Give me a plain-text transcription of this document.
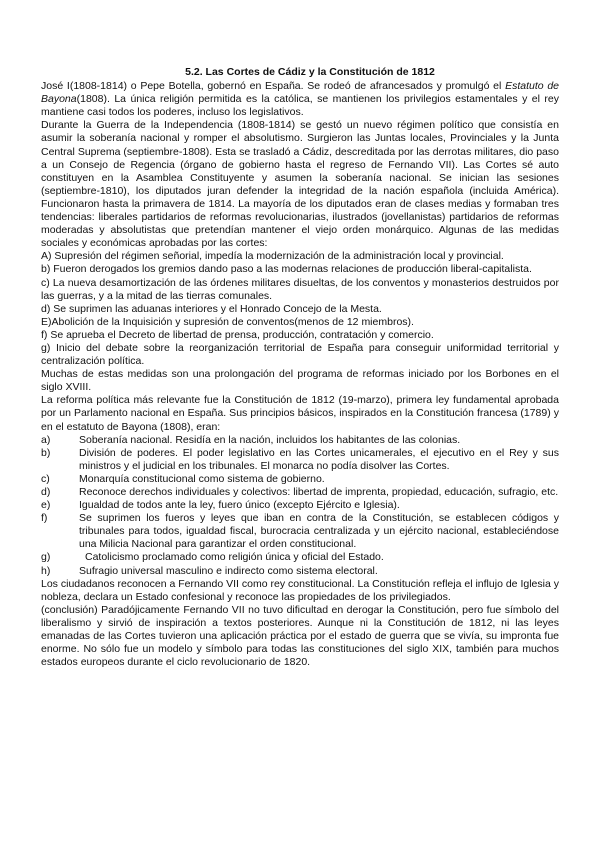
5.2. Las Cortes de Cádiz y la Constitución de 1812

José I(1808-1814) o Pepe Botella, gobernó en España. Se rodeó de afrancesados y promulgó el Estatuto de Bayona(1808). La única religión permitida es la católica, se mantienen los privilegios estamentales y el rey mantiene casi todos los poderes, incluso los legislativos.

Durante la Guerra de la Independencia (1808-1814) se gestó un nuevo régimen político que consistía en asumir la soberanía nacional y romper el absolutismo. Surgieron las Juntas locales, Provinciales y la Junta Central Suprema (septiembre-1808). Esta se trasladó a Cádiz, descreditada por las derrotas militares, dio paso a un Consejo de Regencia (órgano de gobierno hasta el regreso de Fernando VII). Las Cortes sé auto constituyen en la Asamblea Constituyente y asumen la soberanía nacional. Se inician las sesiones (septiembre-1810), los diputados juran defender la integridad de la nación española (incluida América). Funcionaron hasta la primavera de 1814. La mayoría de los diputados eran de clases medias y formaban tres tendencias: liberales partidarios de reformas revolucionarias, ilustrados (jovellanistas) partidarios de reformas moderadas y absolutistas que pretendían mantener el viejo orden monárquico. Algunas de las medidas sociales y económicas aprobadas por las cortes:

A) Supresión del régimen señorial, impedía la modernización de la administración local y provincial.

b) Fueron derogados los gremios dando paso a las modernas relaciones de producción liberal-capitalista.

c) La nueva desamortización de las órdenes militares disueltas, de los conventos y monasterios destruidos por las guerras, y a la mitad de las tierras comunales.

d) Se suprimen las aduanas interiores y el Honrado Concejo de la Mesta.

E)Abolición de la Inquisición y supresión de conventos(menos de 12 miembros).

f) Se aprueba el Decreto de libertad de prensa, producción, contratación y comercio.

g) Inicio del debate sobre la reorganización territorial de España para conseguir uniformidad territorial y centralización política.

Muchas de estas medidas son una prolongación del programa de reformas iniciado por los Borbones en el siglo XVIII.

La reforma política más relevante fue la Constitución de 1812 (19-marzo), primera ley fundamental aprobada por un Parlamento nacional en España. Sus principios básicos, inspirados en la Constitución francesa (1789) y en el estatuto de Bayona (1808), eran:

a)	Soberanía nacional. Residía en la nación, incluidos los habitantes de las colonias.
b)	División de poderes. El poder legislativo en las Cortes unicamerales, el ejecutivo en el Rey y sus ministros y el judicial en los tribunales. El monarca no podía disolver las Cortes.
c)	Monarquía constitucional como sistema de gobierno.
d)	Reconoce derechos individuales y colectivos: libertad de imprenta, propiedad, educación, sufragio, etc.
e)	Igualdad de todos ante la ley, fuero único (excepto Ejército e Iglesia).
f)	Se suprimen los fueros y leyes que iban en contra de la Constitución, se establecen códigos y tribunales para todos, igualdad fiscal, burocracia centralizada y un ejército nacional, estableciéndose una Milicia Nacional para garantizar el orden constitucional.
g)	Catolicismo proclamado como religión única y oficial del Estado.
h)	Sufragio universal masculino e indirecto como sistema electoral.

Los ciudadanos reconocen a Fernando VII como rey constitucional. La Constitución refleja el influjo de Iglesia y nobleza, declara un Estado confesional y reconoce las propiedades de los privilegiados.

(conclusión) Paradójicamente Fernando VII no tuvo dificultad en derogar la Constitución, pero fue símbolo del liberalismo y sirvió de inspiración a textos posteriores. Aunque ni la Constitución de 1812, ni las leyes emanadas de las Cortes tuvieron una aplicación práctica por el estado de guerra que se vivía, su impronta fue enorme. No sólo fue un modelo y símbolo para todas las constituciones del siglo XIX, también para muchos estados europeos durante el ciclo revolucionario de 1820.
